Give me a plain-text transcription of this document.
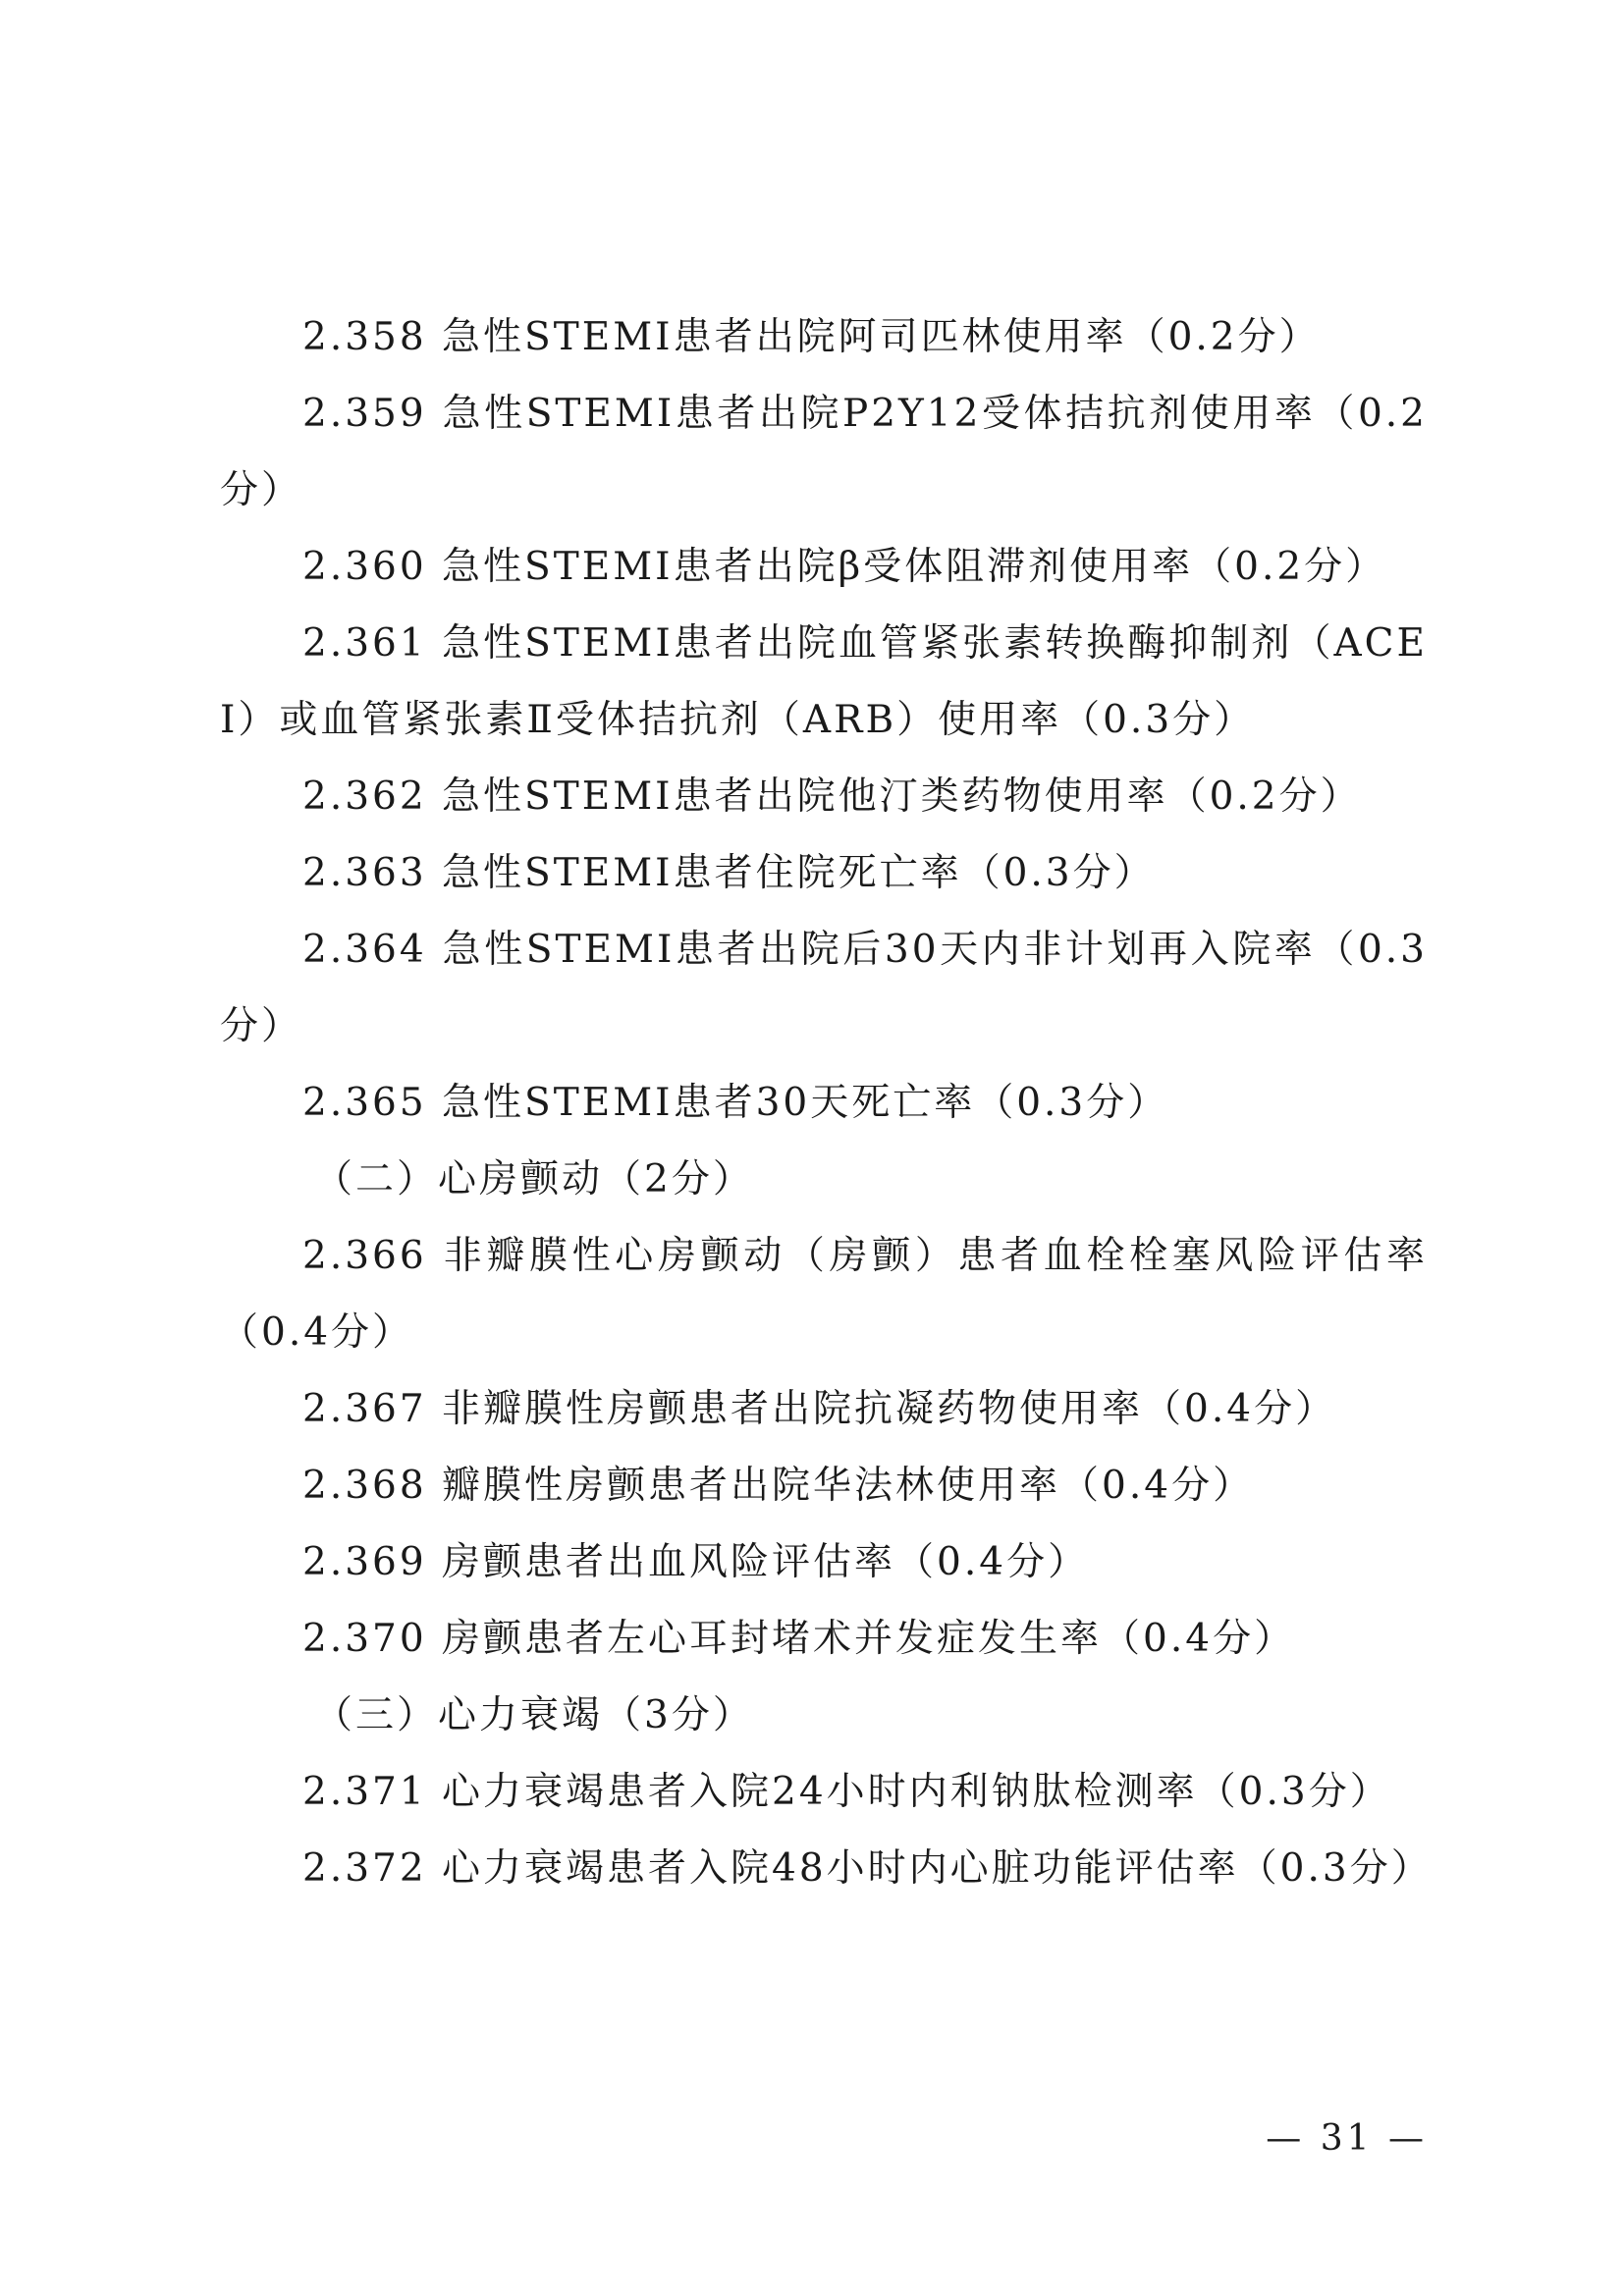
2.358 急性STEMI患者出院阿司匹林使用率（0.2分）

2.359 急性STEMI患者出院P2Y12受体拮抗剂使用率（0.2分）

2.360 急性STEMI患者出院β受体阻滞剂使用率（0.2分）

2.361 急性STEMI患者出院血管紧张素转换酶抑制剂（ACEI）或血管紧张素Ⅱ受体拮抗剂（ARB）使用率（0.3分）

2.362 急性STEMI患者出院他汀类药物使用率（0.2分）

2.363 急性STEMI患者住院死亡率（0.3分）

2.364 急性STEMI患者出院后30天内非计划再入院率（0.3分）

2.365 急性STEMI患者30天死亡率（0.3分）

（二）心房颤动（2分）

2.366 非瓣膜性心房颤动（房颤）患者血栓栓塞风险评估率（0.4分）

2.367 非瓣膜性房颤患者出院抗凝药物使用率（0.4分）

2.368 瓣膜性房颤患者出院华法林使用率（0.4分）

2.369 房颤患者出血风险评估率（0.4分）

2.370 房颤患者左心耳封堵术并发症发生率（0.4分）

（三）心力衰竭（3分）

2.371 心力衰竭患者入院24小时内利钠肽检测率（0.3分）

2.372 心力衰竭患者入院48小时内心脏功能评估率（0.3分）

— 31 —
